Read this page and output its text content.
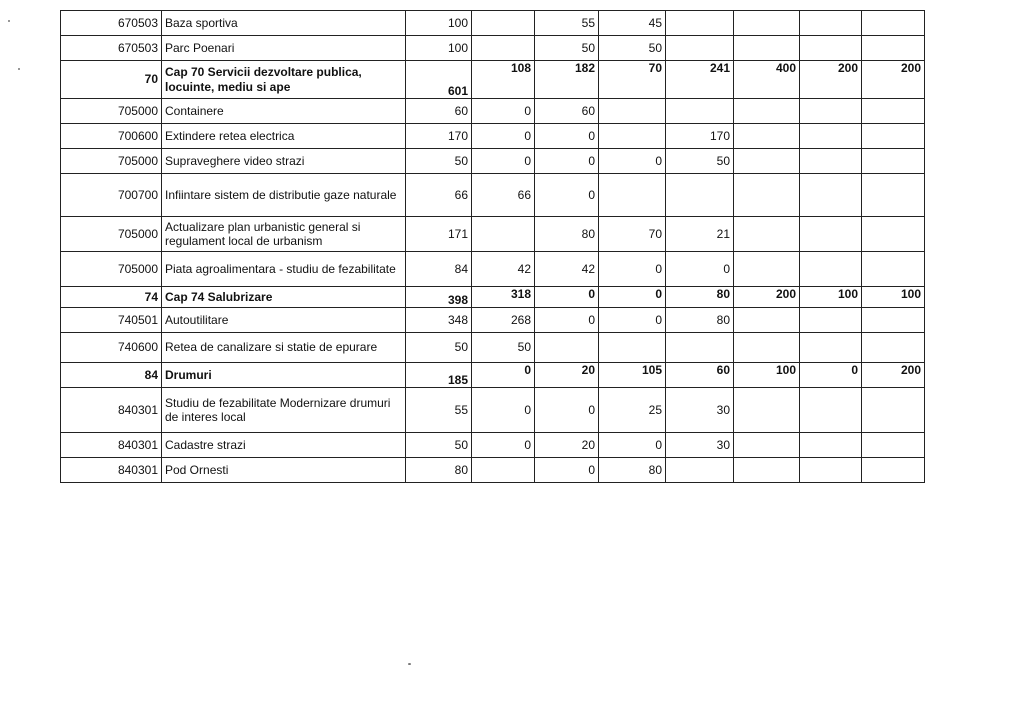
670503	Baza sportiva	100		55	45				
670503	Parc Poenari	100		50	50				
70	Cap 70 Servicii dezvoltare publica, locuinte, mediu si ape	601	108	182	70	241	400	200	200
705000	Containere	60	0	60					
700600	Extindere retea electrica	170	0	0		170			
705000	Supraveghere video strazi	50	0	0	0	50			
700700	Infiintare sistem de distributie gaze naturale	66	66	0					
705000	Actualizare plan urbanistic general si regulament local de urbanism	171		80	70	21			
705000	Piata agroalimentara - studiu de fezabilitate	84	42	42	0	0			
74	Cap 74 Salubrizare	398	318	0	0	80	200	100	100
740501	Autoutilitare	348	268	0	0	80			
740600	Retea de canalizare si statie de epurare	50	50						
84	Drumuri	185	0	20	105	60	100	0	200
840301	Studiu de fezabilitate Modernizare drumuri de interes local	55	0	0	25	30			
840301	Cadastre strazi	50	0	20	0	30			
840301	Pod Ornesti	80		0	80				
